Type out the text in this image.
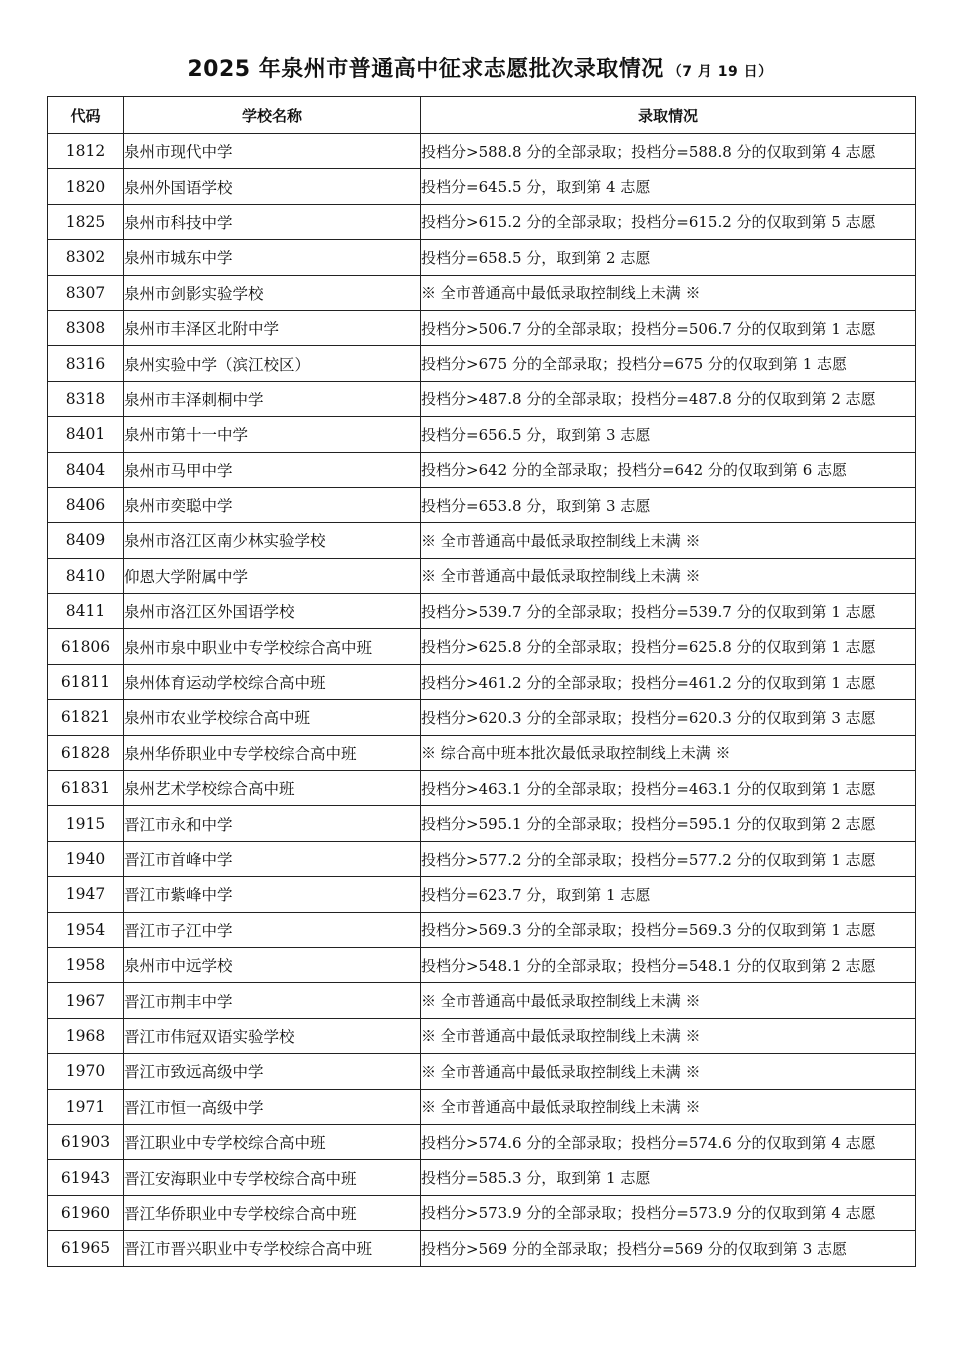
2025 年泉州市普通高中征求志愿批次录取情况 （7 月 19 日）
代码	学校名称	录取情况
1812	泉州市现代中学	投档分>588.8 分的全部录取；投档分=588.8 分的仅取到第 4 志愿
1820	泉州外国语学校	投档分=645.5 分，取到第 4 志愿
1825	泉州市科技中学	投档分>615.2 分的全部录取；投档分=615.2 分的仅取到第 5 志愿
8302	泉州市城东中学	投档分=658.5 分，取到第 2 志愿
8307	泉州市剑影实验学校	※ 全市普通高中最低录取控制线上未满 ※
8308	泉州市丰泽区北附中学	投档分>506.7 分的全部录取；投档分=506.7 分的仅取到第 1 志愿
8316	泉州实验中学（滨江校区）	投档分>675 分的全部录取；投档分=675 分的仅取到第 1 志愿
8318	泉州市丰泽刺桐中学	投档分>487.8 分的全部录取；投档分=487.8 分的仅取到第 2 志愿
8401	泉州市第十一中学	投档分=656.5 分，取到第 3 志愿
8404	泉州市马甲中学	投档分>642 分的全部录取；投档分=642 分的仅取到第 6 志愿
8406	泉州市奕聪中学	投档分=653.8 分，取到第 3 志愿
8409	泉州市洛江区南少林实验学校	※ 全市普通高中最低录取控制线上未满 ※
8410	仰恩大学附属中学	※ 全市普通高中最低录取控制线上未满 ※
8411	泉州市洛江区外国语学校	投档分>539.7 分的全部录取；投档分=539.7 分的仅取到第 1 志愿
61806	泉州市泉中职业中专学校综合高中班	投档分>625.8 分的全部录取；投档分=625.8 分的仅取到第 1 志愿
61811	泉州体育运动学校综合高中班	投档分>461.2 分的全部录取；投档分=461.2 分的仅取到第 1 志愿
61821	泉州市农业学校综合高中班	投档分>620.3 分的全部录取；投档分=620.3 分的仅取到第 3 志愿
61828	泉州华侨职业中专学校综合高中班	※ 综合高中班本批次最低录取控制线上未满 ※
61831	泉州艺术学校综合高中班	投档分>463.1 分的全部录取；投档分=463.1 分的仅取到第 1 志愿
1915	晋江市永和中学	投档分>595.1 分的全部录取；投档分=595.1 分的仅取到第 2 志愿
1940	晋江市首峰中学	投档分>577.2 分的全部录取；投档分=577.2 分的仅取到第 1 志愿
1947	晋江市紫峰中学	投档分=623.7 分，取到第 1 志愿
1954	晋江市子江中学	投档分>569.3 分的全部录取；投档分=569.3 分的仅取到第 1 志愿
1958	泉州市中远学校	投档分>548.1 分的全部录取；投档分=548.1 分的仅取到第 2 志愿
1967	晋江市荆丰中学	※ 全市普通高中最低录取控制线上未满 ※
1968	晋江市伟冠双语实验学校	※ 全市普通高中最低录取控制线上未满 ※
1970	晋江市致远高级中学	※ 全市普通高中最低录取控制线上未满 ※
1971	晋江市恒一高级中学	※ 全市普通高中最低录取控制线上未满 ※
61903	晋江职业中专学校综合高中班	投档分>574.6 分的全部录取；投档分=574.6 分的仅取到第 4 志愿
61943	晋江安海职业中专学校综合高中班	投档分=585.3 分，取到第 1 志愿
61960	晋江华侨职业中专学校综合高中班	投档分>573.9 分的全部录取；投档分=573.9 分的仅取到第 4 志愿
61965	晋江市晋兴职业中专学校综合高中班	投档分>569 分的全部录取；投档分=569 分的仅取到第 3 志愿
